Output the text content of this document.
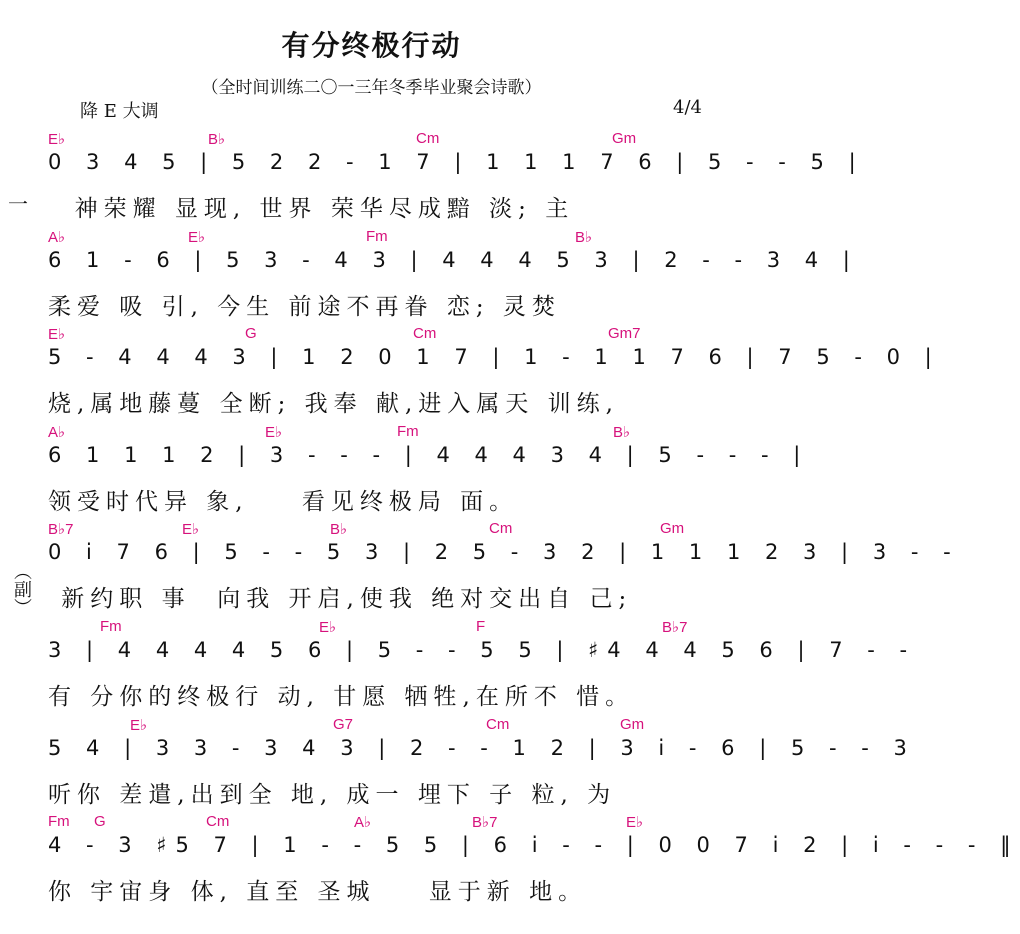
有分终极行动
（全时间训练二〇一三年冬季毕业聚会诗歌）
降 E 大调	4/4
一
（副）
E♭	B♭	Cm	Gm
0 3 4 5 | 5 2 2 - 1 7 | 1 1 1 7 6 | 5 - - 5 |
神荣耀 显现, 世界 荣华尽成黯 淡; 主
A♭	E♭	Fm	B♭
6 1 - 6 | 5 3 - 4 3 | 4 4 4 5 3 | 2 - - 3 4 |
柔爱 吸 引, 今生 前途不再眷 恋; 灵焚
E♭	G	Cm	Gm7
5 - 4 4 4 3 | 1 2 0 1 7 | 1 - 1 1 7 6 | 7 5 - 0 |
烧,属地藤蔓 全断; 我奉 献,进入属天 训练,
A♭	E♭	Fm	B♭
6 1 1 1 2 | 3 - - - | 4 4 4 3 4 | 5 - - - |
领受时代异 象,    看见终极局 面。
B♭7	E♭	B♭	Cm	Gm
0 i 7 6 | 5 - - 5 3 | 2 5 - 3 2 | 1 1 1 2 3 | 3 - -
新约职 事  向我 开启,使我 绝对交出自 己;
Fm	E♭	F	B♭7
3 | 4 4 4 4 5 6 | 5 - - 5 5 | ♯4 4 4 5 6 | 7 - -
有 分你的终极行 动, 甘愿 牺牲,在所不 惜。
E♭	G7	Cm	Gm
5 4 | 3 3 - 3 4 3 | 2 - - 1 2 | 3 i - 6 | 5 - - 3
听你 差遣,出到全 地, 成一 埋下 子 粒, 为
Fm G	Cm	A♭	B♭7	E♭
4 - 3 ♯5 7 | 1 - - 5 5 | 6 i - - | 0 0 7 i 2 | i - - - ‖
你 宇宙身 体, 直至 圣城    显于新 地。
